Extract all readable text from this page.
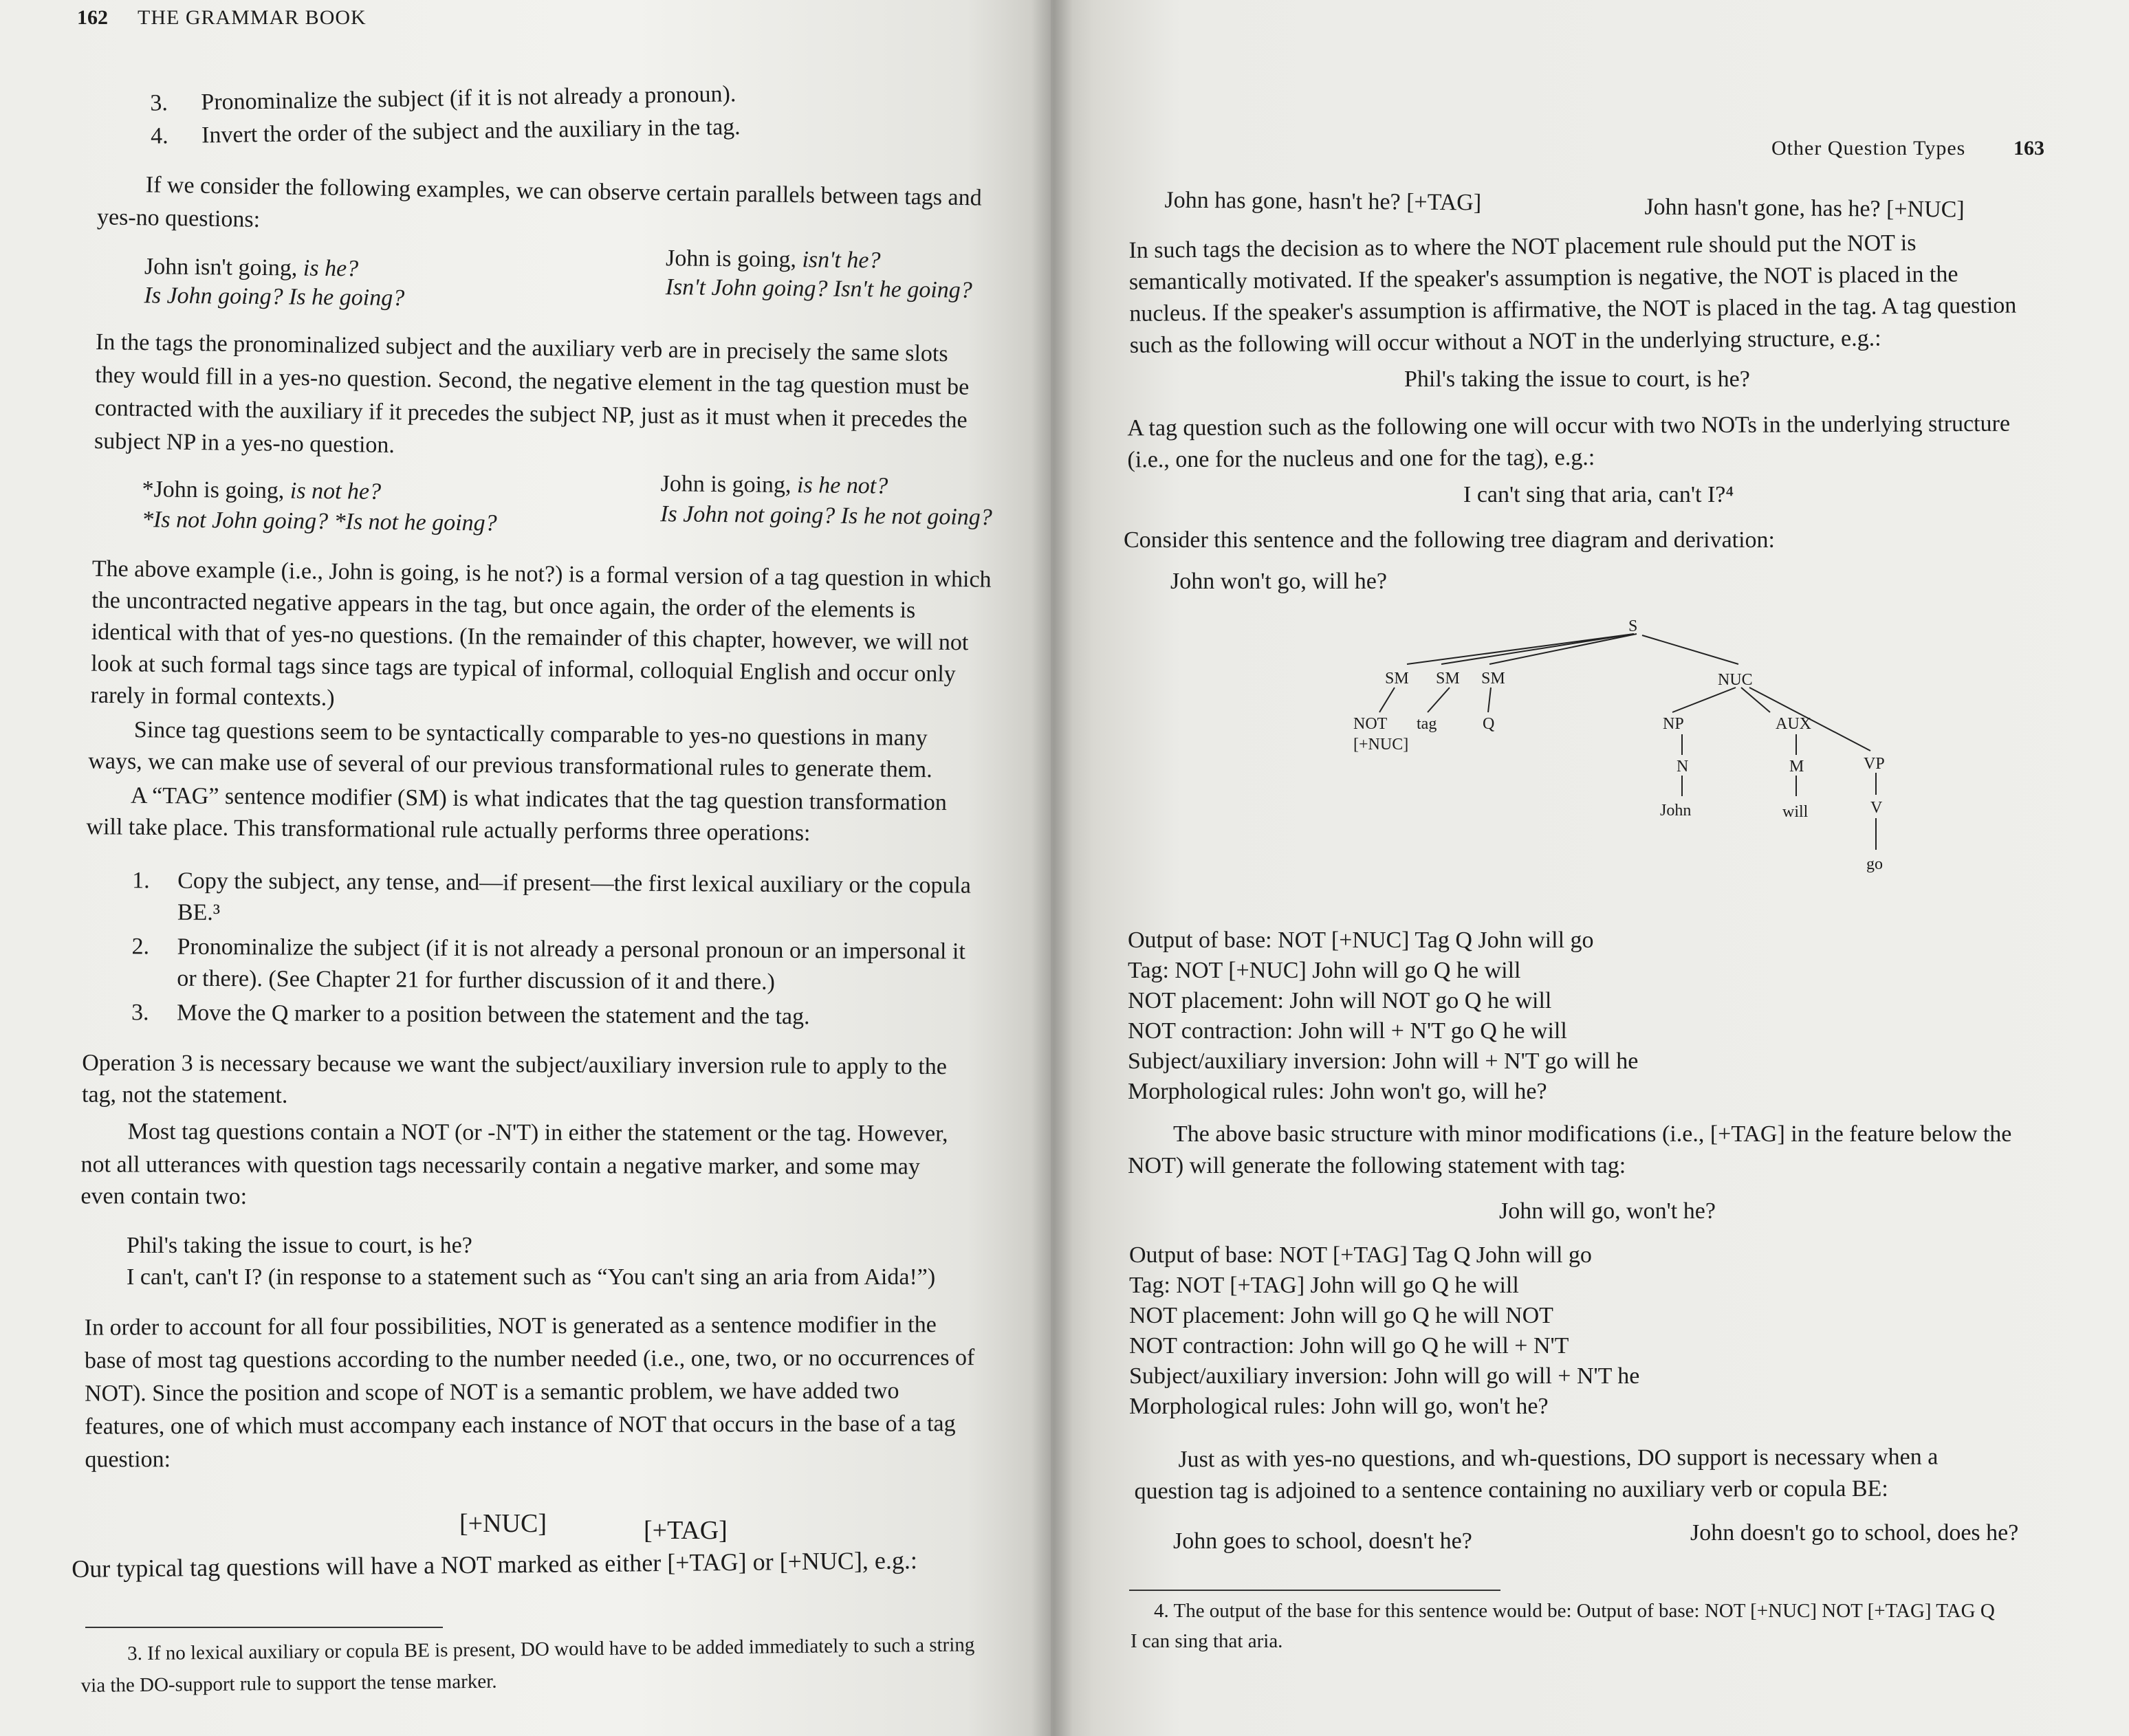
162 THE GRAMMAR BOOK
3. Pronominalize the subject (if it is not already a pronoun).
4. Invert the order of the subject and the auxiliary in the tag.
If we consider the following examples, we can observe certain parallels between tags and
yes-no questions:
John isn't going, is he?
Is John going? Is he going?
John is going, isn't he?
Isn't John going? Isn't he going?
In the tags the pronominalized subject and the auxiliary verb are in precisely the same slots
they would fill in a yes-no question. Second, the negative element in the tag question must be
contracted with the auxiliary if it precedes the subject NP, just as it must when it precedes the
subject NP in a yes-no question.
*John is going, is not he?
*Is not John going? *Is not he going?
John is going, is he not?
Is John not going? Is he not going?
The above example (i.e., John is going, is he not?) is a formal version of a tag question in which
the uncontracted negative appears in the tag, but once again, the order of the elements is
identical with that of yes-no questions. (In the remainder of this chapter, however, we will not
look at such formal tags since tags are typical of informal, colloquial English and occur only
rarely in formal contexts.)
Since tag questions seem to be syntactically comparable to yes-no questions in many
ways, we can make use of several of our previous transformational rules to generate them.
A “TAG” sentence modifier (SM) is what indicates that the tag question transformation
will take place. This transformational rule actually performs three operations:
1. Copy the subject, any tense, and—if present—the first lexical auxiliary or the copula
BE.³
2. Pronominalize the subject (if it is not already a personal pronoun or an impersonal it
or there). (See Chapter 21 for further discussion of it and there.)
3. Move the Q marker to a position between the statement and the tag.
Operation 3 is necessary because we want the subject/auxiliary inversion rule to apply to the
tag, not the statement.
Most tag questions contain a NOT (or -N'T) in either the statement or the tag. However,
not all utterances with question tags necessarily contain a negative marker, and some may
even contain two:
Phil's taking the issue to court, is he?
I can't, can't I? (in response to a statement such as “You can't sing an aria from Aida!”)
In order to account for all four possibilities, NOT is generated as a sentence modifier in the
base of most tag questions according to the number needed (i.e., one, two, or no occurrences of
NOT). Since the position and scope of NOT is a semantic problem, we have added two
features, one of which must accompany each instance of NOT that occurs in the base of a tag
question:
[+NUC]	[+TAG]
Our typical tag questions will have a NOT marked as either [+TAG] or [+NUC], e.g.:
3. If no lexical auxiliary or copula BE is present, DO would have to be added immediately to such a string
via the DO-support rule to support the tense marker.
Other Question Types 163
John has gone, hasn't he? [+TAG]	John hasn't gone, has he? [+NUC]
In such tags the decision as to where the NOT placement rule should put the NOT is
semantically motivated. If the speaker's assumption is negative, the NOT is placed in the
nucleus. If the speaker's assumption is affirmative, the NOT is placed in the tag. A tag question
such as the following will occur without a NOT in the underlying structure, e.g.:
Phil's taking the issue to court, is he?
A tag question such as the following one will occur with two NOTs in the underlying structure
(i.e., one for the nucleus and one for the tag), e.g.:
I can't sing that aria, can't I?⁴
Consider this sentence and the following tree diagram and derivation:
John won't go, will he?
S
SM SM SM	NUC
NOT
[+NUC]
tag	Q	NP	AUX
VP
N	M
V
John	will
go
Output of base: NOT [+NUC] Tag Q John will go
Tag: NOT [+NUC] John will go Q he will
NOT placement: John will NOT go Q he will
NOT contraction: John will + N'T go Q he will
Subject/auxiliary inversion: John will + N'T go will he
Morphological rules: John won't go, will he?
The above basic structure with minor modifications (i.e., [+TAG] in the feature below the
NOT) will generate the following statement with tag:
John will go, won't he?
Output of base: NOT [+TAG] Tag Q John will go
Tag: NOT [+TAG] John will go Q he will
NOT placement: John will go Q he will NOT
NOT contraction: John will go Q he will + N'T
Subject/auxiliary inversion: John will go will + N'T he
Morphological rules: John will go, won't he?
Just as with yes-no questions, and wh-questions, DO support is necessary when a
question tag is adjoined to a sentence containing no auxiliary verb or copula BE:
John goes to school, doesn't he?	John doesn't go to school, does he?
4. The output of the base for this sentence would be: Output of base: NOT [+NUC] NOT [+TAG] TAG Q
I can sing that aria.
